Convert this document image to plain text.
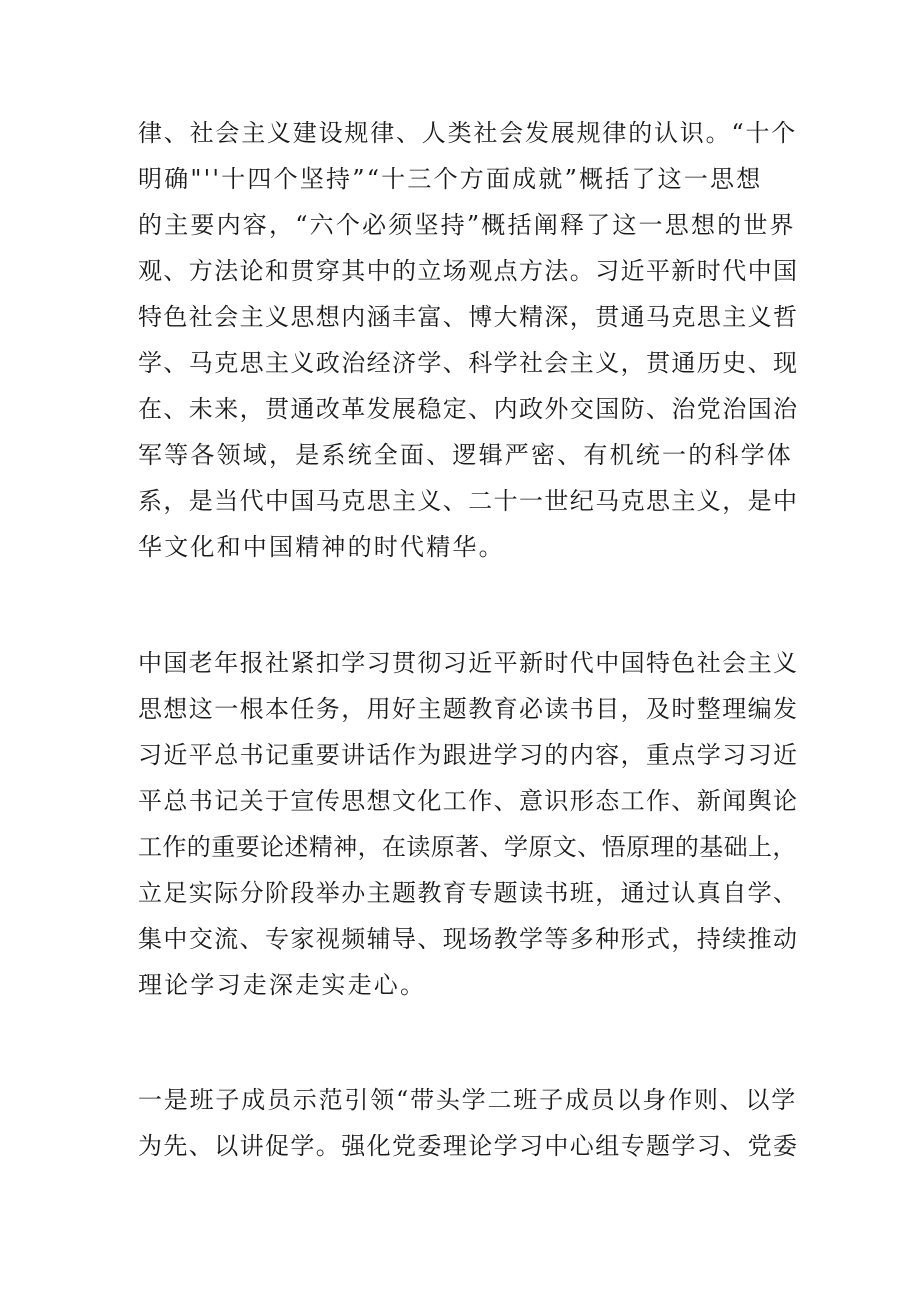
律、社会主义建设规律、人类社会发展规律的认识。“十个
明确"''十四个坚持”“十三个方面成就”概括了这一思想
的主要内容，“六个必须坚持”概括阐释了这一思想的世界
观、方法论和贯穿其中的立场观点方法。习近平新时代中国
特色社会主义思想内涵丰富、博大精深，贯通马克思主义哲
学、马克思主义政治经济学、科学社会主义，贯通历史、现
在、未来，贯通改革发展稳定、内政外交国防、治党治国治
军等各领域，是系统全面、逻辑严密、有机统一的科学体
系，是当代中国马克思主义、二十一世纪马克思主义，是中
华文化和中国精神的时代精华。
中国老年报社紧扣学习贯彻习近平新时代中国特色社会主义
思想这一根本任务，用好主题教育必读书目，及时整理编发
习近平总书记重要讲话作为跟进学习的内容，重点学习习近
平总书记关于宣传思想文化工作、意识形态工作、新闻舆论
工作的重要论述精神，在读原著、学原文、悟原理的基础上，
立足实际分阶段举办主题教育专题读书班，通过认真自学、
集中交流、专家视频辅导、现场教学等多种形式，持续推动
理论学习走深走实走心。
一是班子成员示范引领“带头学二班子成员以身作则、以学
为先、以讲促学。强化党委理论学习中心组专题学习、党委
